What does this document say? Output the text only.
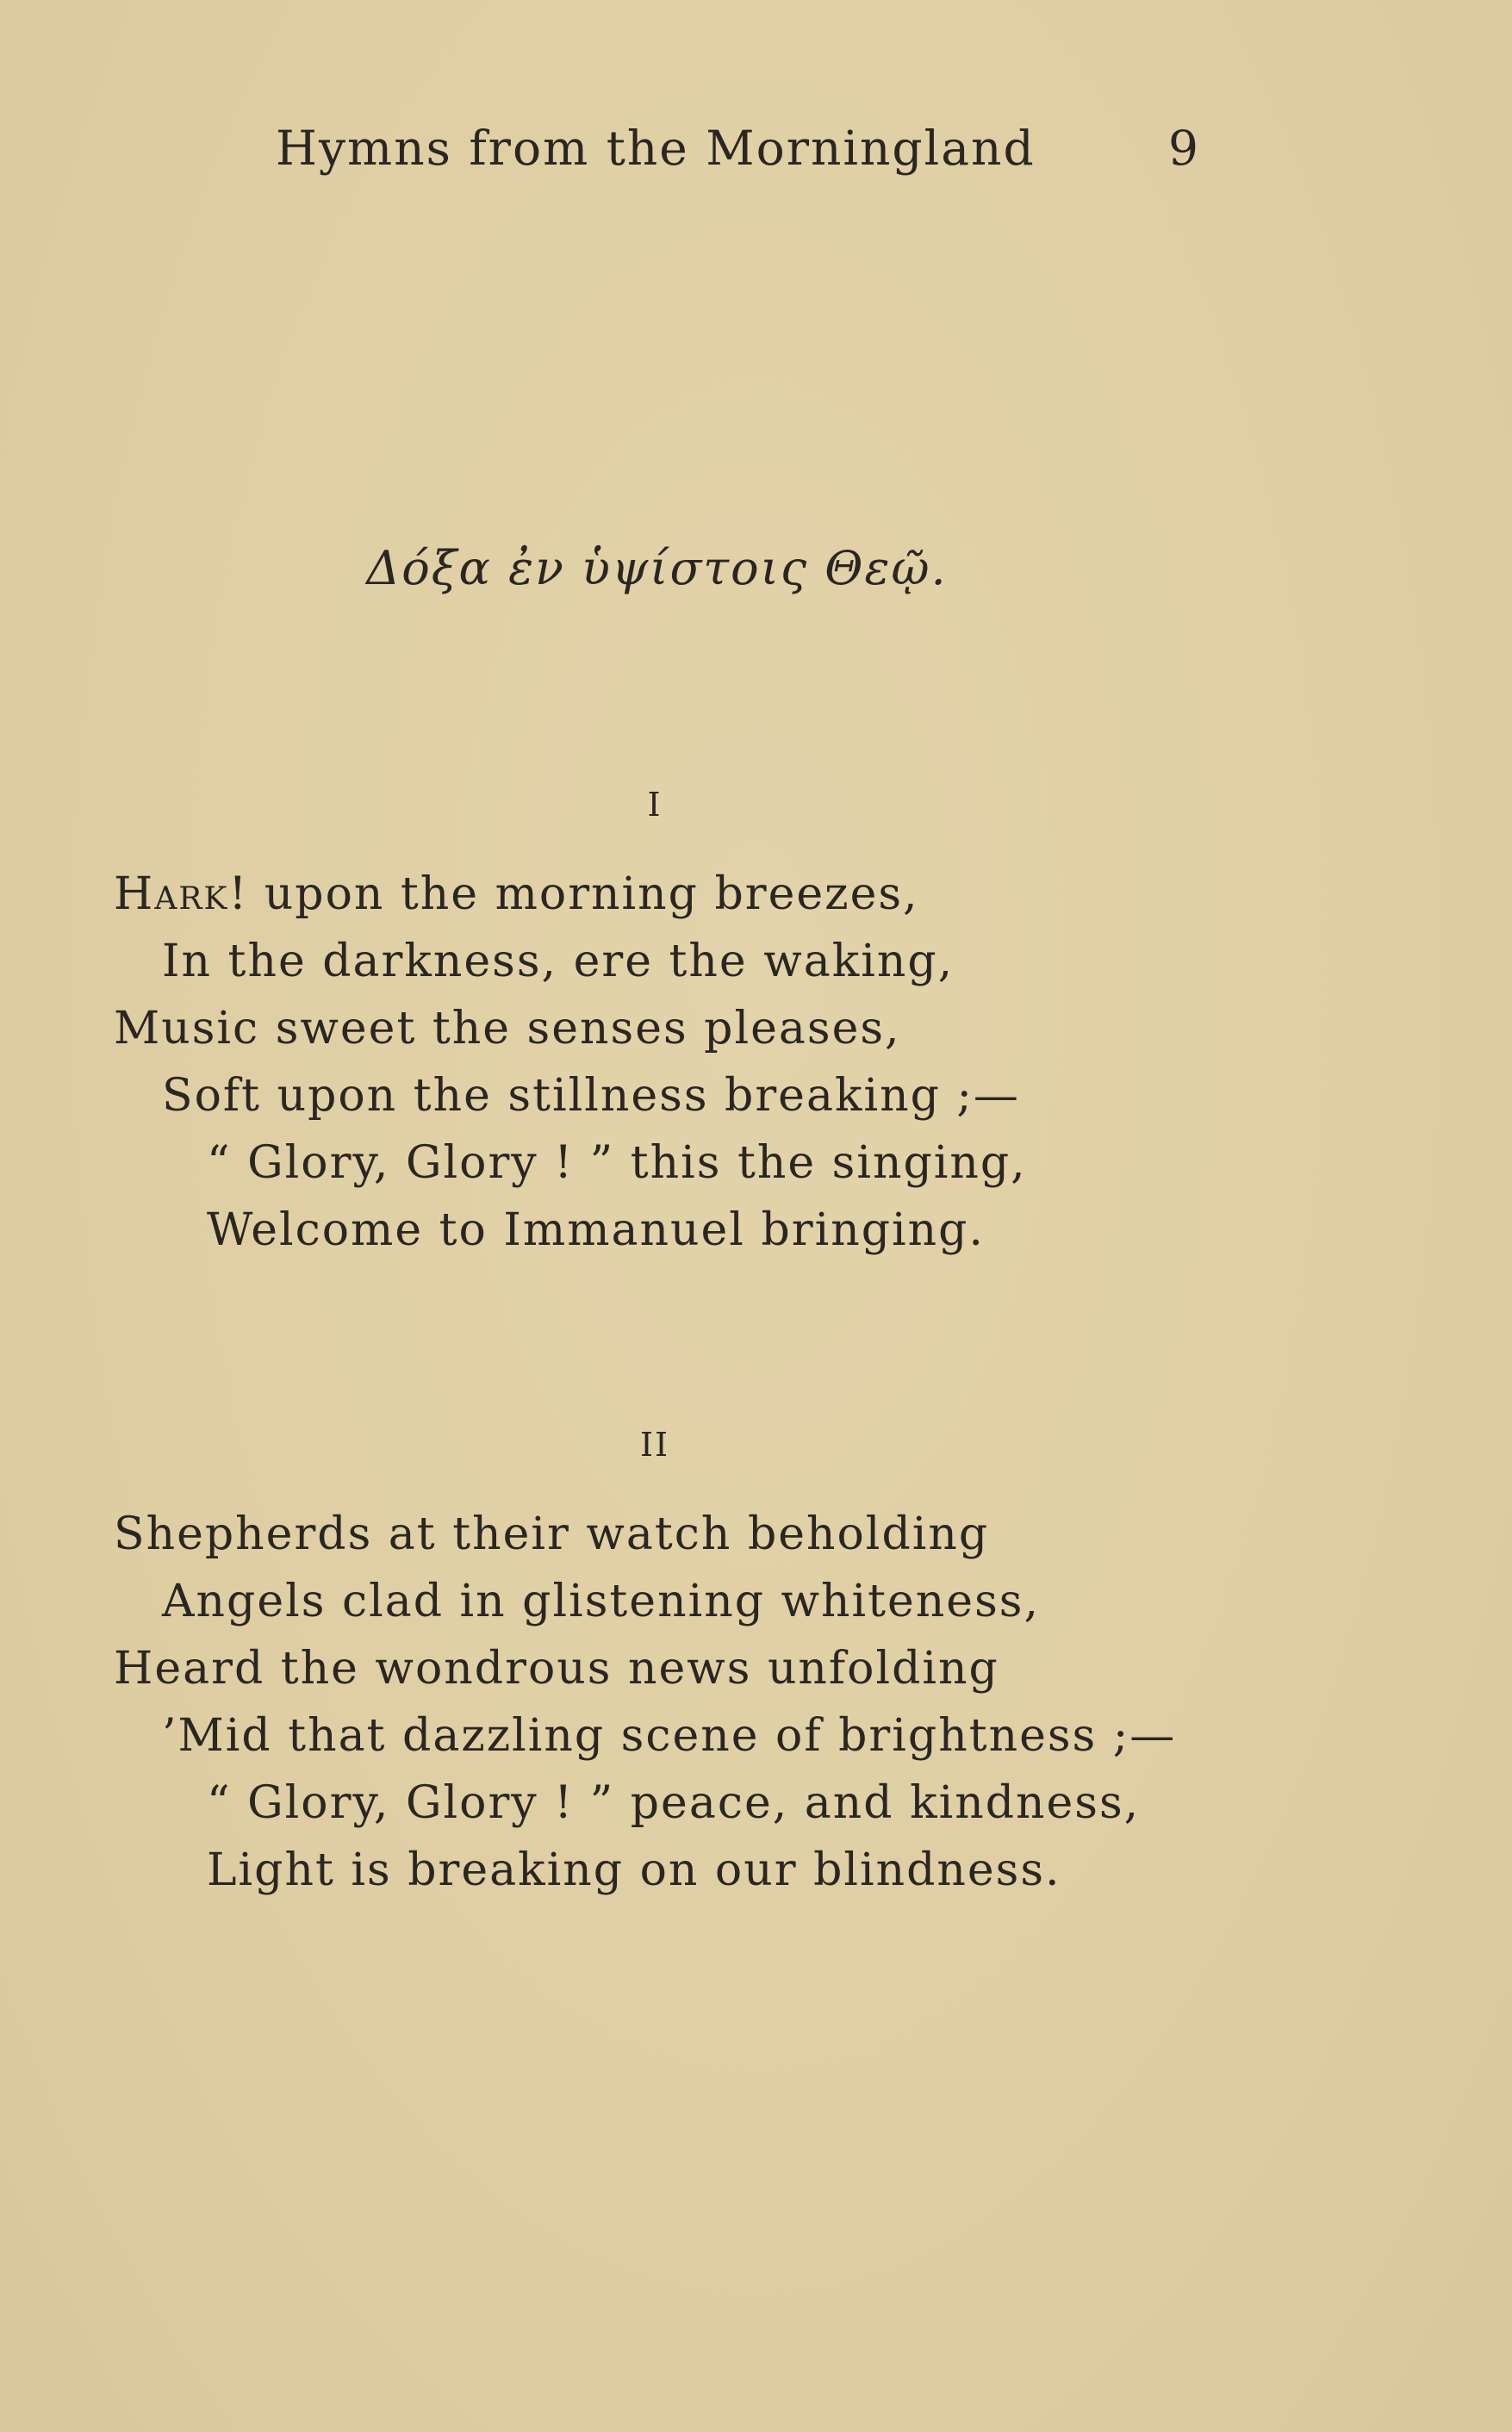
Hymns from the Morningland	9
Δόξα ἐν ὑψίστοις Θεῷ.
I
Hark! upon the morning breezes,
In the darkness, ere the waking,
Music sweet the senses pleases,
Soft upon the stillness breaking ;—
“ Glory, Glory ! ” this the singing,
Welcome to Immanuel bringing.
II
Shepherds at their watch beholding
Angels clad in glistening whiteness,
Heard the wondrous news unfolding
’Mid that dazzling scene of brightness ;—
“ Glory, Glory ! ” peace, and kindness,
Light is breaking on our blindness.
